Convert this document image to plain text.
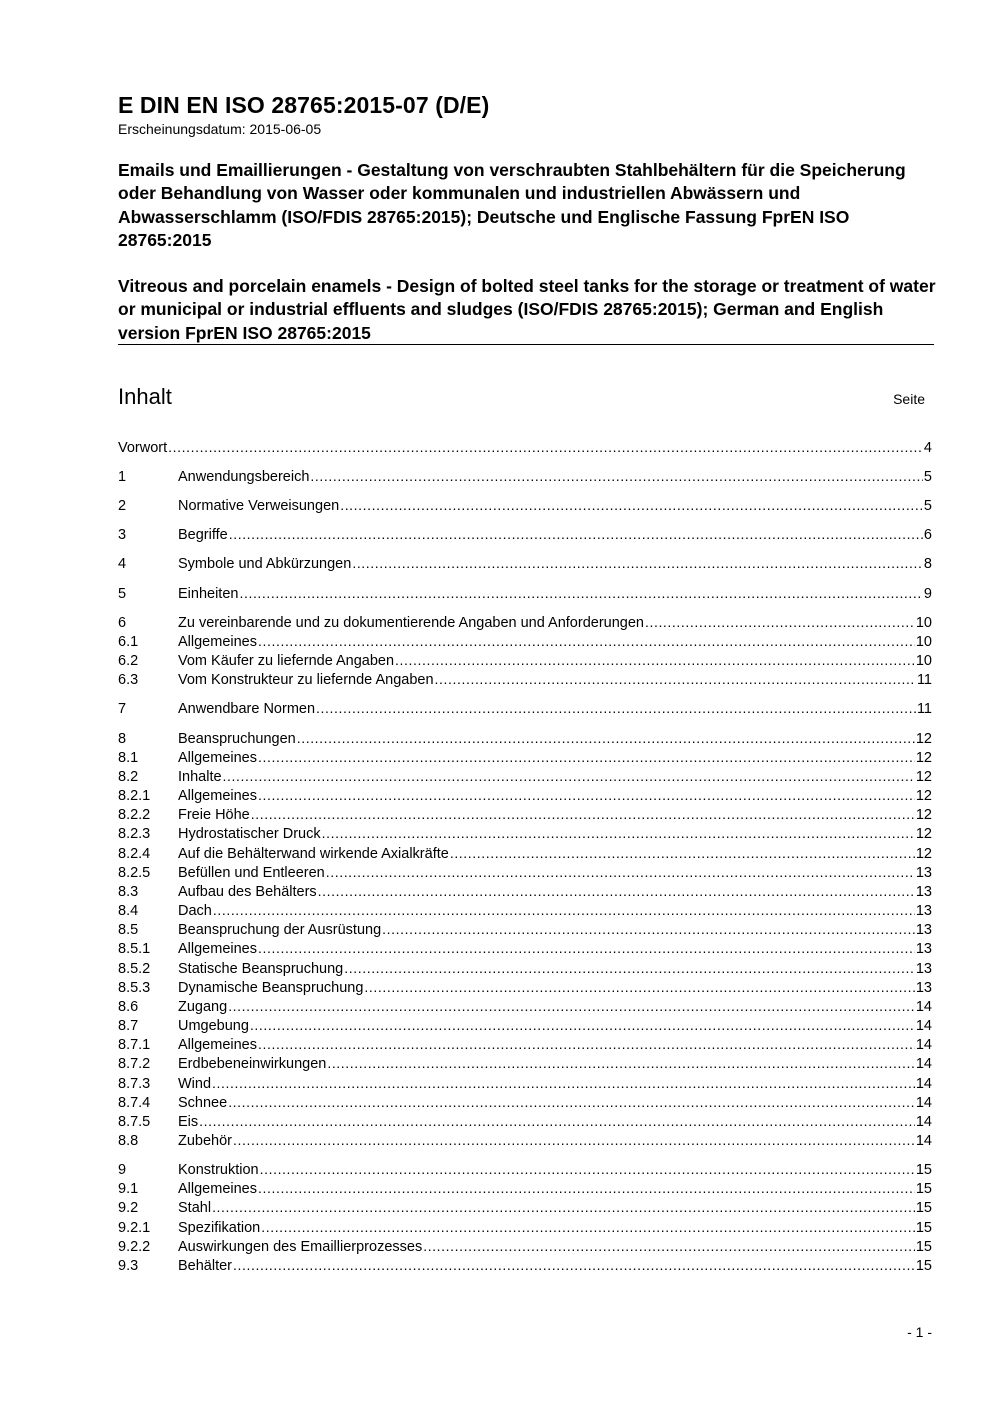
E DIN EN ISO 28765:2015-07 (D/E)
Erscheinungsdatum: 2015-06-05
Emails und Emaillierungen - Gestaltung von verschraubten Stahlbehältern für die Speicherung oder Behandlung von Wasser oder kommunalen und industriellen Abwässern und Abwasserschlamm (ISO/FDIS 28765:2015); Deutsche und Englische Fassung FprEN ISO 28765:2015
Vitreous and porcelain enamels - Design of bolted steel tanks for the storage or treatment of water or municipal or industrial effluents and sludges (ISO/FDIS 28765:2015); German and English version FprEN ISO 28765:2015
Inhalt	Seite
Vorwort .....	4
1	Anwendungsbereich .....	5
2	Normative Verweisungen .....	5
3	Begriffe .....	6
4	Symbole und Abkürzungen .....	8
5	Einheiten .....	9
6	Zu vereinbarende und zu dokumentierende Angaben und Anforderungen .....	10
6.1	Allgemeines .....	10
6.2	Vom Käufer zu liefernde Angaben .....	10
6.3	Vom Konstrukteur zu liefernde Angaben .....	11
7	Anwendbare Normen .....	11
8	Beanspruchungen .....	12
8.1	Allgemeines .....	12
8.2	Inhalte .....	12
8.2.1	Allgemeines .....	12
8.2.2	Freie Höhe .....	12
8.2.3	Hydrostatischer Druck .....	12
8.2.4	Auf die Behälterwand wirkende Axialkräfte .....	12
8.2.5	Befüllen und Entleeren .....	13
8.3	Aufbau des Behälters .....	13
8.4	Dach .....	13
8.5	Beanspruchung der Ausrüstung .....	13
8.5.1	Allgemeines .....	13
8.5.2	Statische Beanspruchung .....	13
8.5.3	Dynamische Beanspruchung .....	13
8.6	Zugang .....	14
8.7	Umgebung .....	14
8.7.1	Allgemeines .....	14
8.7.2	Erdbebeneinwirkungen .....	14
8.7.3	Wind .....	14
8.7.4	Schnee .....	14
8.7.5	Eis .....	14
8.8	Zubehör .....	14
9	Konstruktion .....	15
9.1	Allgemeines .....	15
9.2	Stahl .....	15
9.2.1	Spezifikation .....	15
9.2.2	Auswirkungen des Emaillierprozesses .....	15
9.3	Behälter .....	15
- 1 -
